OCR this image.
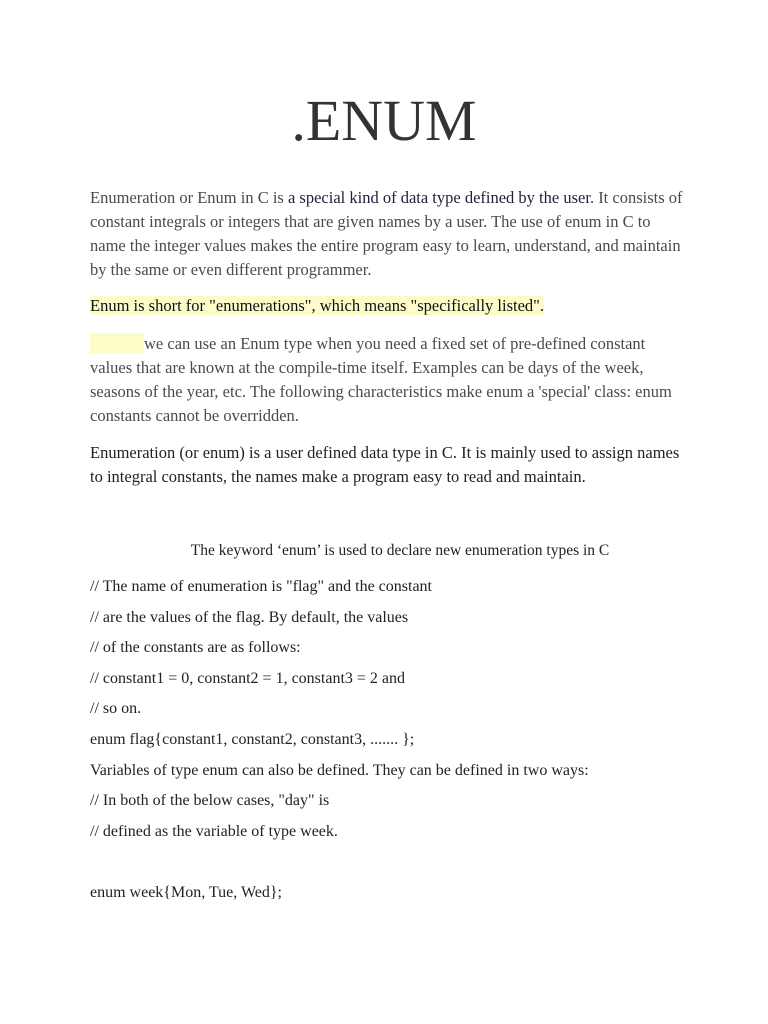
.ENUM

Enumeration or Enum in C is a special kind of data type defined by the user. It consists of constant integrals or integers that are given names by a user. The use of enum in C to name the integer values makes the entire program easy to learn, understand, and maintain by the same or even different programmer.

Enum is short for "enumerations", which means "specifically listed".

we can use an Enum type when you need a fixed set of pre-defined constant values that are known at the compile-time itself. Examples can be days of the week, seasons of the year, etc. The following characteristics make enum a 'special' class: enum constants cannot be overridden.

Enumeration (or enum) is a user defined data type in C. It is mainly used to assign names to integral constants, the names make a program easy to read and maintain.

The keyword ‘enum’ is used to declare new enumeration types in C

// The name of enumeration is "flag" and the constant

// are the values of the flag. By default, the values

// of the constants are as follows:

// constant1 = 0, constant2 = 1, constant3 = 2 and

// so on.

enum flag{constant1, constant2, constant3, ....... };

Variables of type enum can also be defined. They can be defined in two ways:

// In both of the below cases, "day" is

// defined as the variable of type week.

enum week{Mon, Tue, Wed};
